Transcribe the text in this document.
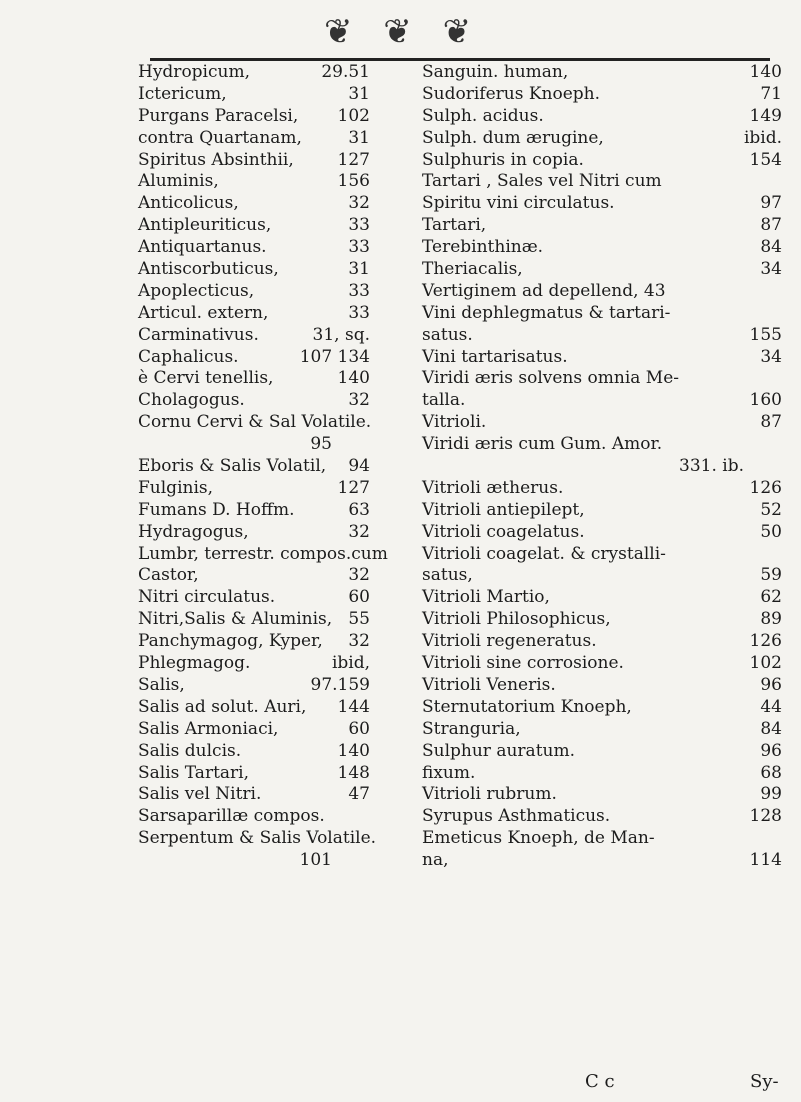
❦ ❦ ❦
Hydropicum,	29.51
Ictericum,	31
Purgans Paracelsi, 102
contra Quartanam,	31
Spiritus Absinthii,	127
Aluminis,	156
Anticolicus,	32
Antipleuriticus,	33
Antiquartanus.	33
Antiscorbuticus,	31
Apoplecticus,	33
Articul. extern,	33
Carminativus.	31, sq.
Caphalicus.	107 134
è Cervi tenellis,	140
Cholagogus.	32
Cornu Cervi & Sal Volatile.
95
Eboris & Salis Volatil, 94
Fulginis,	127
Fumans D. Hoffm.	63
Hydragogus,	32
Lumbr, terrestr. compos.cum
Castor,	32
Nitri circulatus.	60
Nitri,Salis & Aluminis, 55
Panchymagog, Kyper, 32
Phlegmagog.	ibid,
Salis,	97.159
Salis ad solut. Auri, 144
Salis Armoniaci,	60
Salis dulcis.	140
Salis Tartari,	148
Salis vel Nitri.	47
Sarsaparillæ compos.
Serpentum & Salis Volatile.
101
Sanguin. human,	140
Sudoriferus Knoeph.	71
Sulph. acidus.	149
Sulph. dum ærugine,	ibid.
Sulphuris in copia.	154
Tartari , Sales vel Nitri cum
Spiritu vini circulatus.	97
Tartari,	87
Terebinthinæ.	84
Theriacalis,	34
Vertiginem ad depellend, 43
Vini dephlegmatus & tartari-
satus.	155
Vini tartarisatus.	34
Viridi æris solvens omnia Me-
talla.	160
Vitrioli.	87
Viridi æris cum Gum. Amor.
331. ib.
Vitrioli ætherus.	126
Vitrioli antiepilept,	52
Vitrioli coagelatus.	50
Vitrioli coagelat. & crystalli-
satus,	59
Vitrioli Martio,	62
Vitrioli Philosophicus,	89
Vitrioli regeneratus.	126
Vitrioli sine corrosione.	102
Vitrioli Veneris.	96
Sternutatorium Knoeph,	44
Stranguria,	84
Sulphur auratum.	96
fixum.	68
Vitrioli rubrum.	99
Syrupus Asthmaticus.	128
Emeticus Knoeph, de Man-
na,	114
C c	Sy-
